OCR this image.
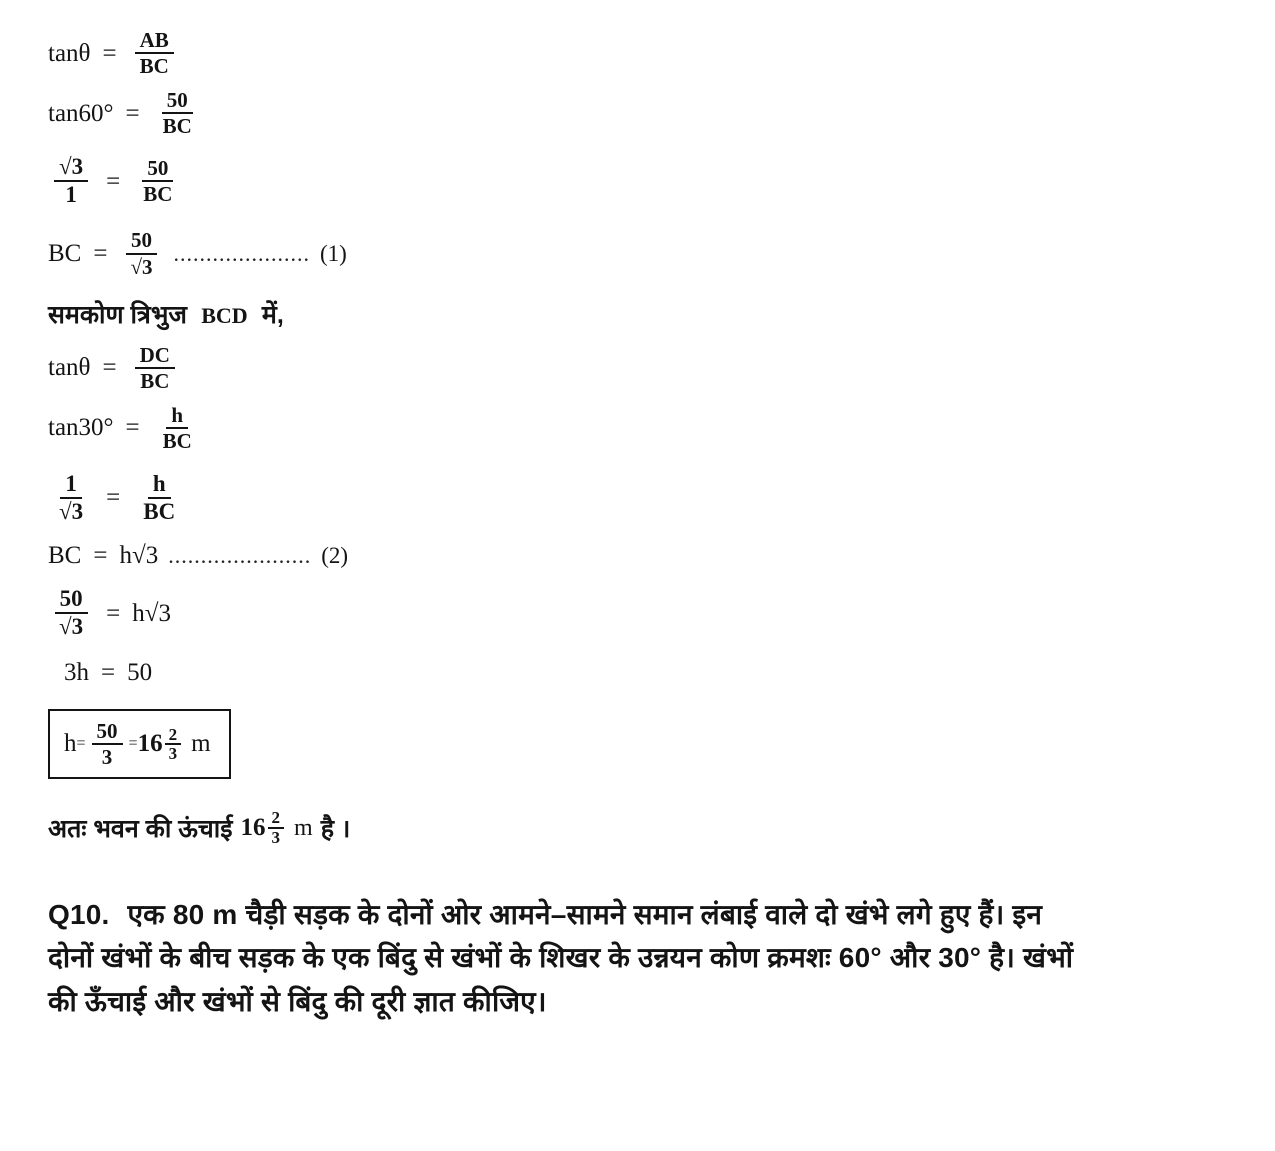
$\tan\theta = \frac{AB}{BC}$
$\tan 60^\circ = \frac{50}{BC}$
$\frac{√3}{1} = \frac{50}{BC}$
BC = $\frac{50}{√3}$ ..................... (1)
समकोण त्रिभुज BCD में,
$\tan\theta = \frac{DC}{BC}$
$\tan 30^\circ = \frac{h}{BC}$
$\frac{1}{√3} = \frac{h}{BC}$
BC = h√3 ...................... (2)
$\frac{50}{√3} = h√3$
3h = 50
$h = \frac{50}{3} = 16 \frac{2}{3}$ m
अतः भवन की ऊंचाई $16 \frac{2}{3}$ m है ।
Q10. एक 80 m चैड़ी सड़क के दोनों ओर आमने–सामने समान लंबाई वाले दो खंभे लगे हुए हैं। इन दोनों खंभों के बीच सड़क के एक बिंदु से खंभों के शिखर के उन्नयन कोण क्रमशः 60° और 30° है। खंभों की ऊँचाई और खंभों से बिंदु की दूरी ज्ञात कीजिए।
